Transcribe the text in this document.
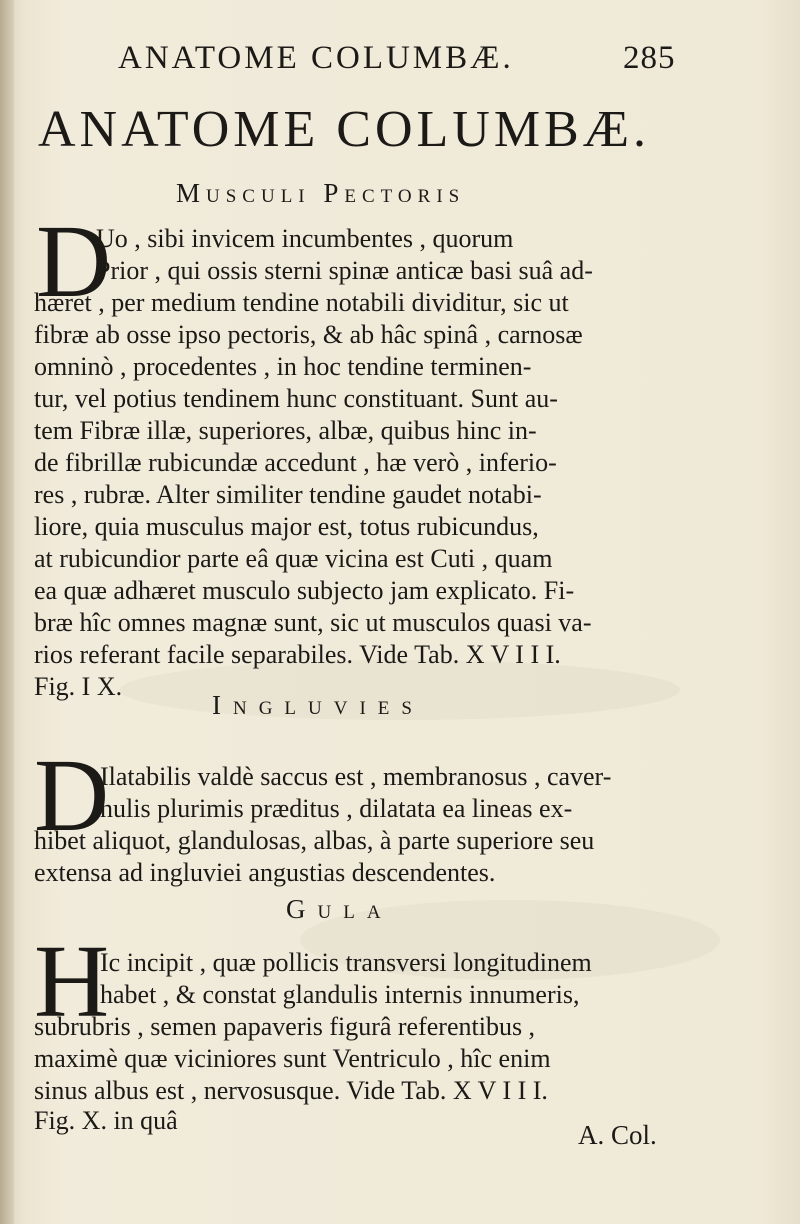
ANATOME COLUMBÆ.	285
ANATOME COLUMBÆ.
Musculi Pectoris
D
Uo , sibi invicem incumbentes , quorum
Prior , qui ossis sterni spinæ anticæ basi suâ ad-
hæret , per medium tendine notabili dividitur, sic ut
fibræ ab osse ipso pectoris, & ab hâc spinâ , carnosæ
omninò , procedentes , in hoc tendine terminen-
tur, vel potius tendinem hunc constituant. Sunt au-
tem Fibræ illæ, superiores, albæ, quibus hinc in-
de fibrillæ rubicundæ accedunt , hæ verò , inferio-
res , rubræ. Alter similiter tendine gaudet notabi-
liore, quia musculus major est, totus rubicundus,
at rubicundior parte eâ quæ vicina est Cuti , quam
ea quæ adhæret musculo subjecto jam explicato. Fi-
bræ hîc omnes magnæ sunt, sic ut musculos quasi va-
rios referant facile separabiles. Vide Tab. X V I I I.
Fig. I X.
Ingluvies
D
Ilatabilis valdè saccus est , membranosus , caver-
nulis plurimis præditus , dilatata ea lineas ex-
hibet aliquot, glandulosas, albas, à parte superiore seu
extensa ad ingluviei angustias descendentes.
Gula
H
Ic incipit , quæ pollicis transversi longitudinem
habet , & constat glandulis internis innumeris,
subrubris , semen papaveris figurâ referentibus ,
maximè quæ viciniores sunt Ventriculo , hîc enim
sinus albus est , nervosusque. Vide Tab. X V I I I.
Fig. X. in quâ	A. Col.
